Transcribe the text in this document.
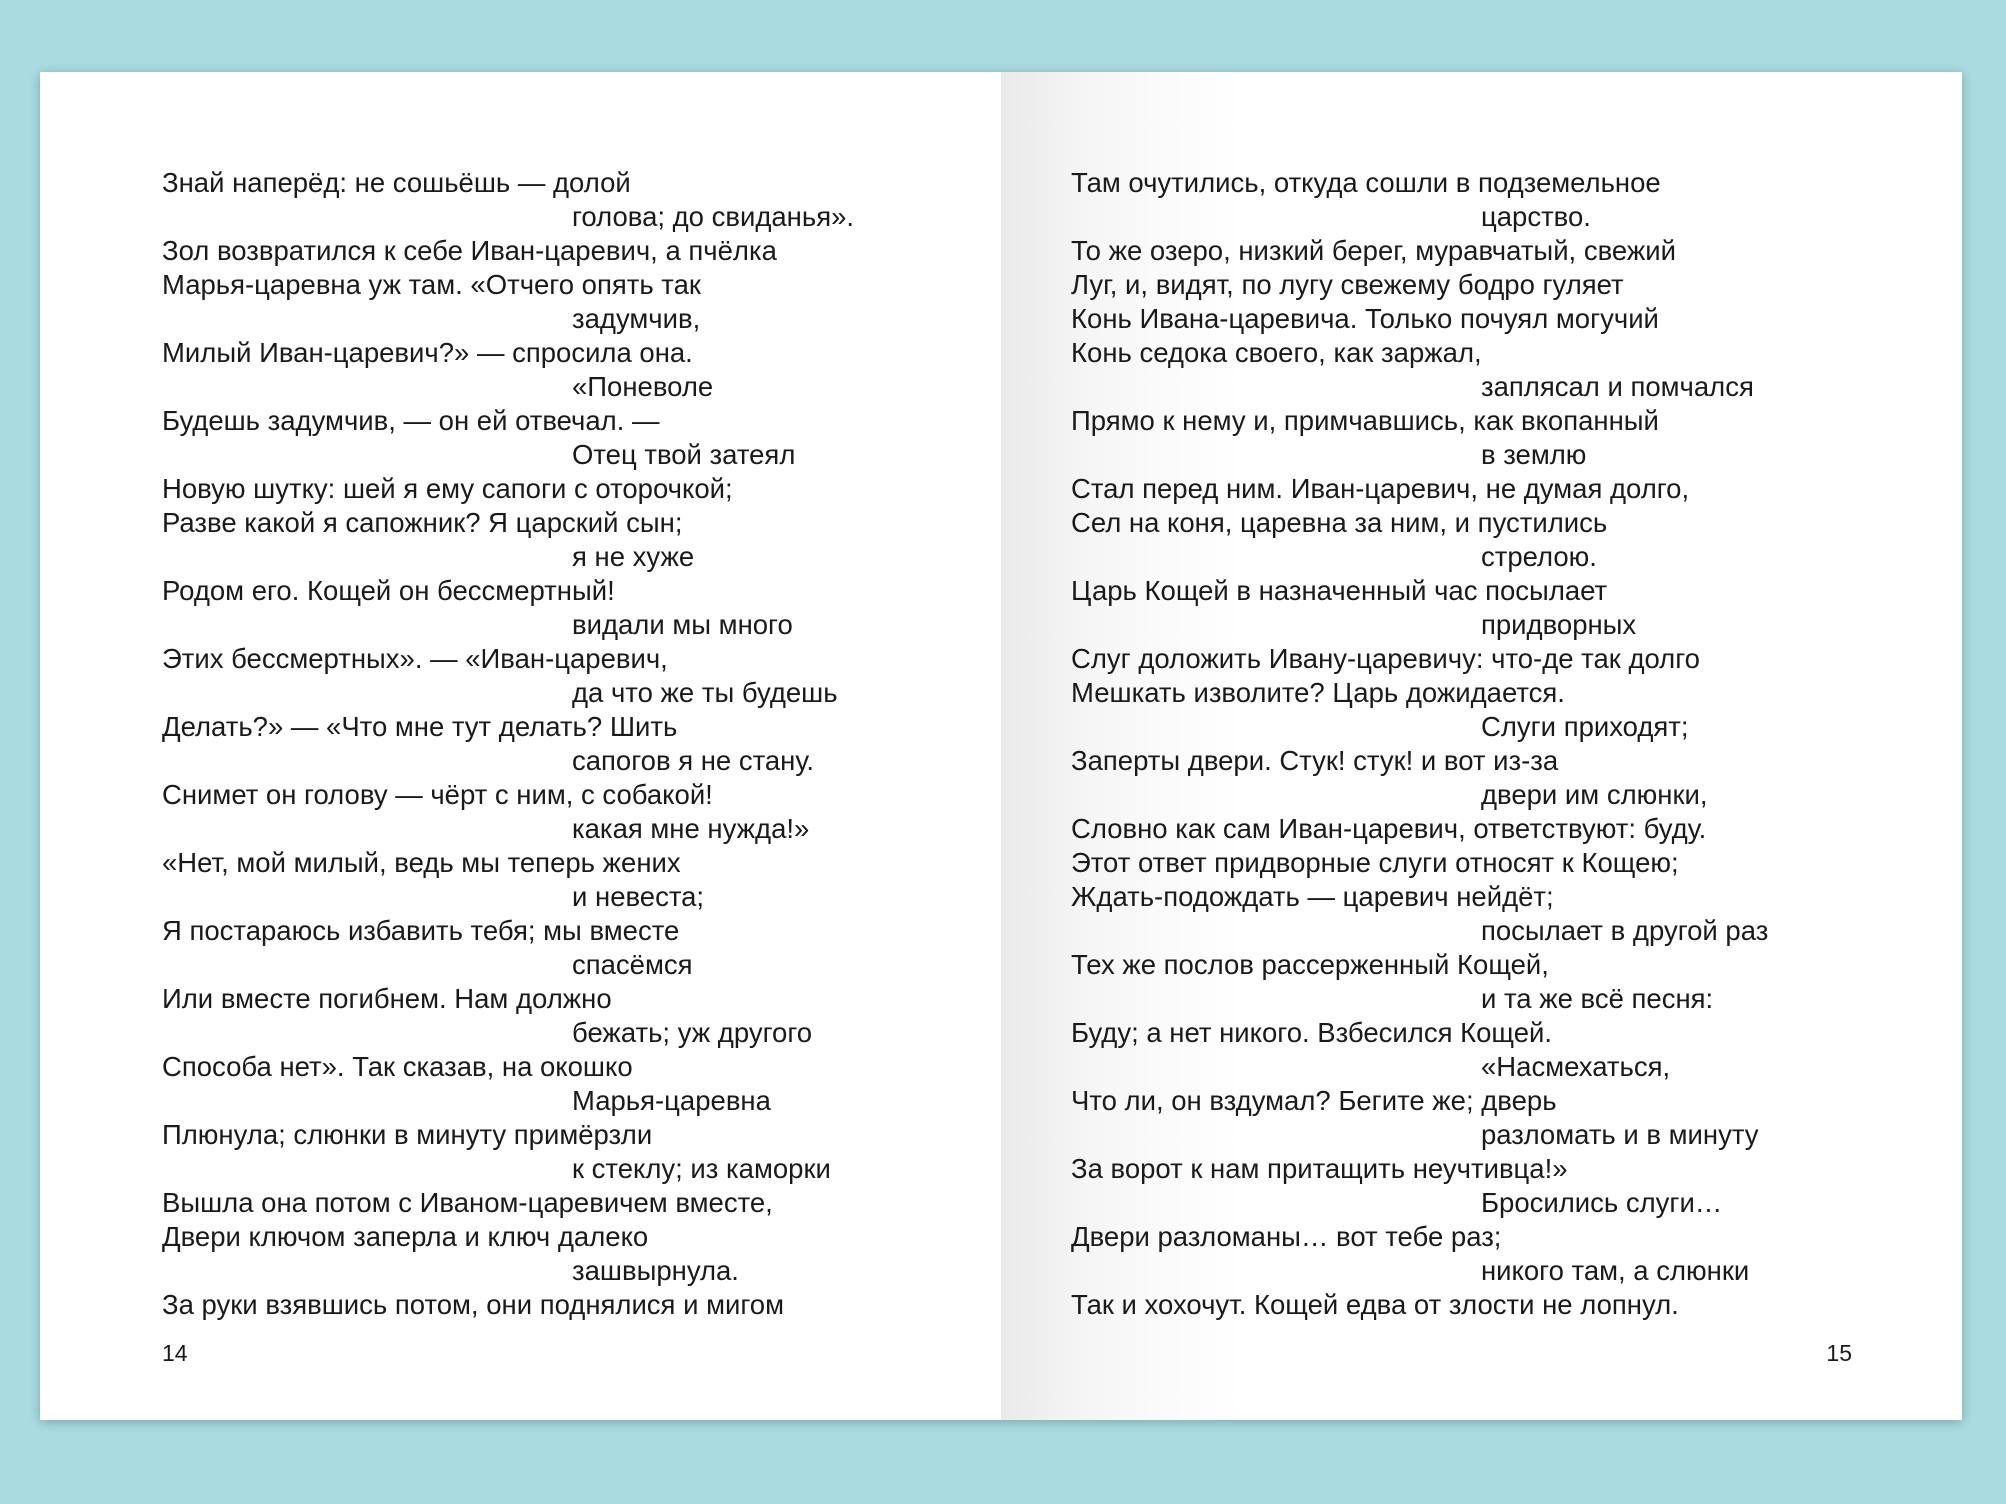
Знай наперёд: не сошьёшь — долой
голова; до свиданья».
Зол возвратился к себе Иван-царевич, а пчёлка
Марья-царевна уж там. «Отчего опять так
задумчив,
Милый Иван-царевич?» — спросила она.
«Поневоле
Будешь задумчив, — он ей отвечал. —
Отец твой затеял
Новую шутку: шей я ему сапоги с оторочкой;
Разве какой я сапожник? Я царский сын;
я не хуже
Родом его. Кощей он бессмертный!
видали мы много
Этих бессмертных». — «Иван-царевич,
да что же ты будешь
Делать?» — «Что мне тут делать? Шить
сапогов я не стану.
Снимет он голову — чёрт с ним, с собакой!
какая мне нужда!»
«Нет, мой милый, ведь мы теперь жених
и невеста;
Я постараюсь избавить тебя; мы вместе
спасёмся
Или вместе погибнем. Нам должно
бежать; уж другого
Способа нет». Так сказав, на окошко
Марья-царевна
Плюнула; слюнки в минуту примёрзли
к стеклу; из каморки
Вышла она потом с Иваном-царевичем вместе,
Двери ключом заперла и ключ далеко
зашвырнула.
За руки взявшись потом, они поднялися и мигом
14
Там очутились, откуда сошли в подземельное
царство.
То же озеро, низкий берег, муравчатый, свежий
Луг, и, видят, по лугу свежему бодро гуляет
Конь Ивана-царевича. Только почуял могучий
Конь седока своего, как заржал,
заплясал и помчался
Прямо к нему и, примчавшись, как вкопанный
в землю
Стал перед ним. Иван-царевич, не думая долго,
Сел на коня, царевна за ним, и пустились
стрелою.
Царь Кощей в назначенный час посылает
придворных
Слуг доложить Ивану-царевичу: что-де так долго
Мешкать изволите? Царь дожидается.
Слуги приходят;
Заперты двери. Стук! стук! и вот из-за
двери им слюнки,
Словно как сам Иван-царевич, ответствуют: буду.
Этот ответ придворные слуги относят к Кощею;
Ждать-подождать — царевич нейдёт;
посылает в другой раз
Тех же послов рассерженный Кощей,
и та же всё песня:
Буду; а нет никого. Взбесился Кощей.
«Насмехаться,
Что ли, он вздумал? Бегите же; дверь
разломать и в минуту
За ворот к нам притащить неучтивца!»
Бросились слуги…
Двери разломаны… вот тебе раз;
никого там, а слюнки
Так и хохочут. Кощей едва от злости не лопнул.
15
